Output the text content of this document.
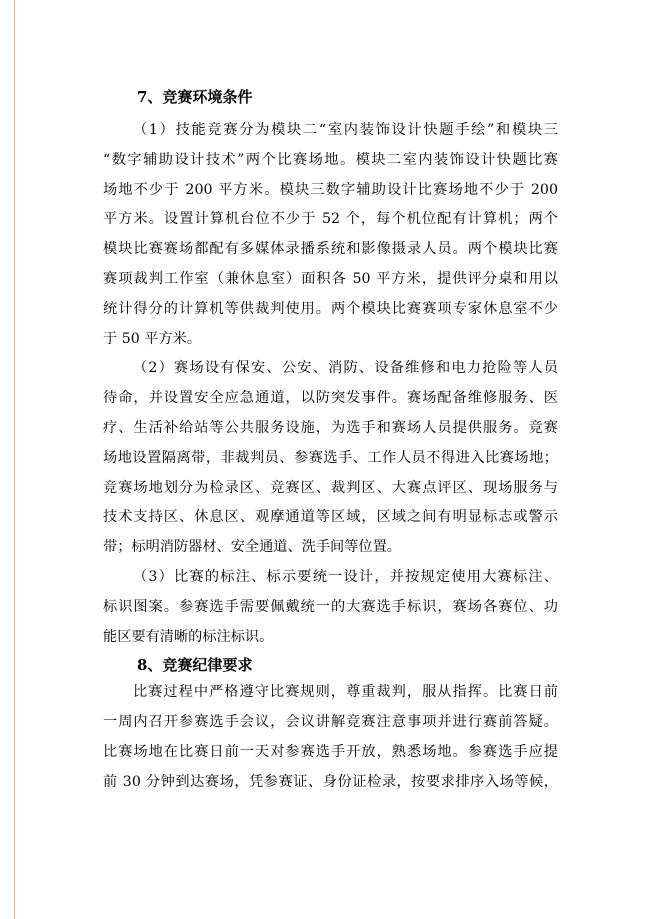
7、竞赛环境条件
（1）技能竞赛分为模块二“室内装饰设计快题手绘”和模块三
“数字辅助设计技术”两个比赛场地。模块二室内装饰设计快题比赛
场地不少于 200 平方米。模块三数字辅助设计比赛场地不少于 200
平方米。设置计算机台位不少于 52 个，每个机位配有计算机；两个
模块比赛赛场都配有多媒体录播系统和影像摄录人员。两个模块比赛
赛项裁判工作室（兼休息室）面积各 50 平方米，提供评分桌和用以
统计得分的计算机等供裁判使用。两个模块比赛赛项专家休息室不少
于 50 平方米。
（2）赛场设有保安、公安、消防、设备维修和电力抢险等人员
待命，并设置安全应急通道，以防突发事件。赛场配备维修服务、医
疗、生活补给站等公共服务设施，为选手和赛场人员提供服务。竞赛
场地设置隔离带，非裁判员、参赛选手、工作人员不得进入比赛场地；
竞赛场地划分为检录区、竞赛区、裁判区、大赛点评区、现场服务与
技术支持区、休息区、观摩通道等区域，区域之间有明显标志或警示
带；标明消防器材、安全通道、洗手间等位置。
（3）比赛的标注、标示要统一设计，并按规定使用大赛标注、
标识图案。参赛选手需要佩戴统一的大赛选手标识，赛场各赛位、功
能区要有清晰的标注标识。
8、竞赛纪律要求
比赛过程中严格遵守比赛规则，尊重裁判，服从指挥。比赛日前
一周内召开参赛选手会议，会议讲解竞赛注意事项并进行赛前答疑。
比赛场地在比赛日前一天对参赛选手开放，熟悉场地。参赛选手应提
前 30 分钟到达赛场，凭参赛证、身份证检录，按要求排序入场等候，
